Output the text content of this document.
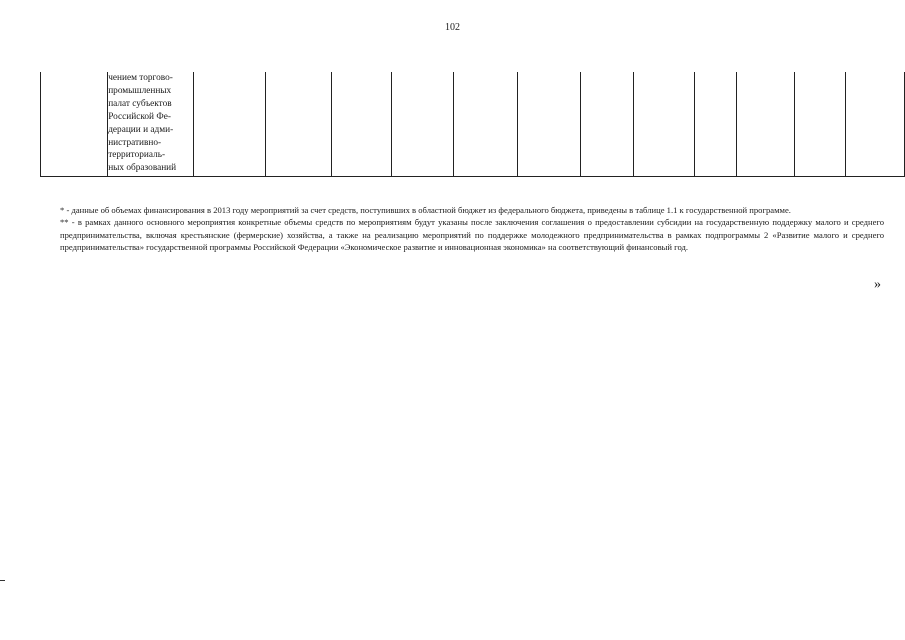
102

чением торгово-
промышленных
палат субъектов
Российской Фе-
дерации и адми-
нистративно-
территориаль-
ных образований

* - данные об объемах финансирования в 2013 году мероприятий за счет средств, поступивших в областной бюджет из федерального бюджета, приведены в таблице 1.1 к государственной программе.

** - в рамках данного основного мероприятия конкретные объемы средств по мероприятиям будут указаны после заключения соглашения о предоставлении субсидии на государственную поддержку малого и среднего предпринимательства, включая крестьянские (фермерские) хозяйства, а также на реализацию мероприятий по поддержке молодежного предпринимательства в рамках подпрограммы 2 «Развитие малого и среднего предпринимательства» государственной программы Российской Федерации «Экономическое развитие и инновационная экономика» на соответствующий финансовый год.

»
